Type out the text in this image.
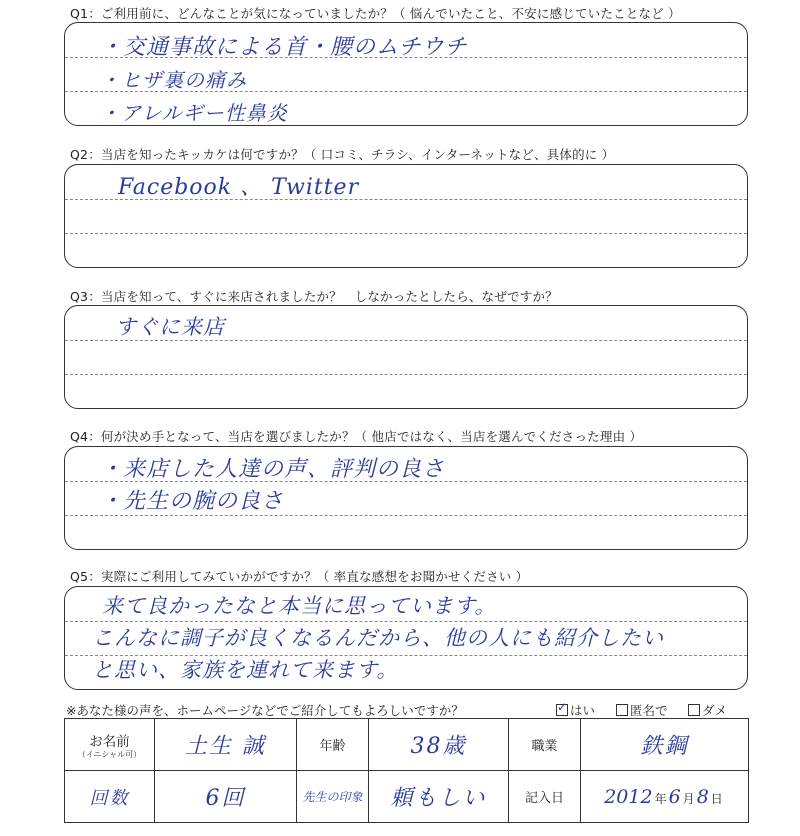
Q1：ご利用前に、どんなことが気になっていましたか？（ 悩んでいたこと、不安に感じていたことなど ）
・交通事故による首・腰のムチウチ
・ヒザ裏の痛み
・アレルギー性鼻炎
Q2：当店を知ったキッカケは何ですか？（ 口コミ、チラシ、インターネットなど、具体的に ）
Facebook 、 Twitter
Q3：当店を知って、すぐに来店されましたか？　しなかったとしたら、なぜですか？
すぐに来店
Q4：何が決め手となって、当店を選びましたか？（ 他店ではなく、当店を選んでくださった理由 ）
・来店した人達の声、評判の良さ
・先生の腕の良さ
Q5：実際にご利用してみていかがですか？（ 率直な感想をお聞かせください ）
来て良かったなと本当に思っています。
こんなに調子が良くなるんだから、他の人にも紹介したい
と思い、家族を連れて来ます。
※あなた様の声を、ホームページなどでご紹介してもよろしいですか？ ✓	はい	匿名で	ダメ
お名前
（イニシャル可）	土生 誠	年齢	38歳	職業	鉄鋼
回数	6回	先生の印象	頼もしい	記入日	2012 年 6 月 8 日
